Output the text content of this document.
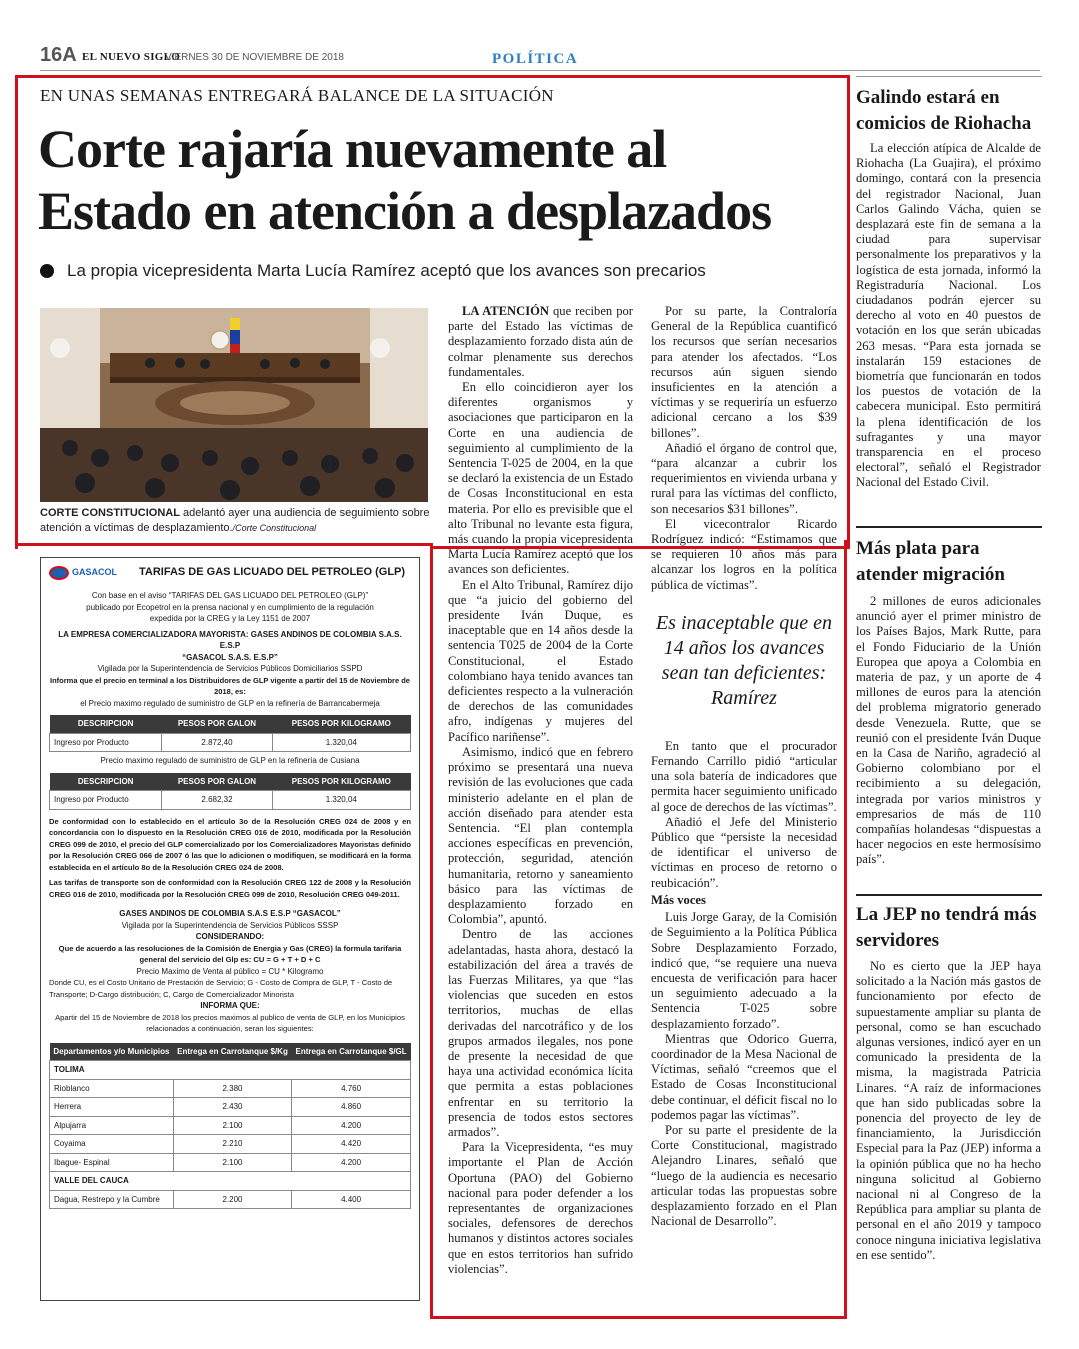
16A EL NUEVO SIGLO
VIERNES 30 DE NOVIEMBRE DE 2018	POLÍTICA
EN UNAS SEMANAS ENTREGARÁ BALANCE DE LA SITUACIÓN
Corte rajaría nuevamente al Estado en atención a desplazados
La propia vicepresidenta Marta Lucía Ramírez aceptó que los avances son precarios
CORTE CONSTITUCIONAL adelantó ayer una audiencia de seguimiento sobre atención a víctimas de desplazamiento./Corte Constitucional

LA ATENCIÓN que reciben por parte del Estado las víctimas de desplazamiento forzado dista aún de colmar plenamente sus derechos fundamentales.

En ello coincidieron ayer los diferentes organismos y asociaciones que participaron en la Corte en una audiencia de seguimiento al cumplimiento de la Sentencia T-025 de 2004, en la que se declaró la existencia de un Estado de Cosas Inconstitucional en esta materia. Por ello es previsible que el alto Tribunal no levante esta figura, más cuando la propia vicepresidenta Marta Lucía Ramírez aceptó que los avances son deficientes.

En el Alto Tribunal, Ramírez dijo que “a juicio del gobierno del presidente Iván Duque, es inaceptable que en 14 años desde la sentencia T025 de 2004 de la Corte Constitucional, el Estado colombiano haya tenido avances tan deficientes respecto a la vulneración de derechos de las comunidades afro, indígenas y mujeres del Pacífico nariñense”.

Asimismo, indicó que en febrero próximo se presentará una nueva revisión de las evoluciones que cada ministerio adelante en el plan de acción diseñado para atender esta Sentencia. “El plan contempla acciones específicas en prevención, protección, seguridad, atención humanitaria, retorno y saneamiento básico para las víctimas de desplazamiento forzado en Colombia”, apuntó.

Dentro de las acciones adelantadas, hasta ahora, destacó la estabilización del área a través de las Fuerzas Militares, ya que “las violencias que suceden en estos territorios, muchas de ellas derivadas del narcotráfico y de los grupos armados ilegales, nos pone de presente la necesidad de que haya una actividad económica lícita que permita a estas poblaciones enfrentar en su territorio la presencia de todos estos sectores armados”.

Para la Vicepresidenta, “es muy importante el Plan de Acción Oportuna (PAO) del Gobierno nacional para poder defender a los representantes de organizaciones sociales, defensores de derechos humanos y distintos actores sociales que en estos territorios han sufrido violencias”.

Por su parte, la Contraloría General de la República cuantificó los recursos que serían necesarios para atender los afectados. “Los recursos aún siguen siendo insuficientes en la atención a víctimas y se requeriría un esfuerzo adicional cercano a los $39 billones”.

Añadió el órgano de control que, “para alcanzar a cubrir los requerimientos en vivienda urbana y rural para las víctimas del conflicto, son necesarios $31 billones”.

El vicecontralor Ricardo Rodríguez indicó: “Estimamos que se requieren 10 años más para alcanzar los logros en la política pública de víctimas”.

Es inaceptable que en 14 años los avances sean tan deficientes: Ramírez

En tanto que el procurador Fernando Carrillo pidió “articular una sola batería de indicadores que permita hacer seguimiento unificado al goce de derechos de las víctimas”.

Añadió el Jefe del Ministerio Público que “persiste la necesidad de identificar el universo de víctimas en proceso de retorno o reubicación”.

Más voces

Luis Jorge Garay, de la Comisión de Seguimiento a la Política Pública Sobre Desplazamiento Forzado, indicó que, “se requiere una nueva encuesta de verificación para hacer un seguimiento adecuado a la Sentencia T-025 sobre desplazamiento forzado”.

Mientras que Odorico Guerra, coordinador de la Mesa Nacional de Víctimas, señaló “creemos que el Estado de Cosas Inconstitucional debe continuar, el déficit fiscal no lo podemos pagar las víctimas”.

Por su parte el presidente de la Corte Constitucional, magistrado Alejandro Linares, señaló que “luego de la audiencia es necesario articular todas las propuestas sobre desplazamiento forzado en el Plan Nacional de Desarrollo”.

Galindo estará en comicios de Riohacha

La elección atípica de Alcalde de Riohacha (La Guajira), el próximo domingo, contará con la presencia del registrador Nacional, Juan Carlos Galindo Vácha, quien se desplazará este fin de semana a la ciudad para supervisar personalmente los preparativos y la logística de esta jornada, informó la Registraduría Nacional. Los ciudadanos podrán ejercer su derecho al voto en 40 puestos de votación en los que serán ubicadas 263 mesas. “Para esta jornada se instalarán 159 estaciones de biometría que funcionarán en todos los puestos de votación de la cabecera municipal. Esto permitirá la plena identificación de los sufragantes y una mayor transparencia en el proceso electoral”, señaló el Registrador Nacional del Estado Civil.

Más plata para atender migración

2 millones de euros adicionales anunció ayer el primer ministro de los Países Bajos, Mark Rutte, para el Fondo Fiduciario de la Unión Europea que apoya a Colombia en materia de paz, y un aporte de 4 millones de euros para la atención del problema migratorio generado desde Venezuela. Rutte, que se reunió con el presidente Iván Duque en la Casa de Nariño, agradeció al Gobierno colombiano por el recibimiento a su delegación, integrada por varios ministros y empresarios de más de 110 compañías holandesas “dispuestas a hacer negocios en este hermosísimo país”.

La JEP no tendrá más servidores

No es cierto que la JEP haya solicitado a la Nación más gastos de funcionamiento por efecto de supuestamente ampliar su planta de personal, como se han escuchado algunas versiones, indicó ayer en un comunicado la presidenta de la misma, la magistrada Patricia Linares. “A raíz de informaciones que han sido publicadas sobre la ponencia del proyecto de ley de financiamiento, la Jurisdicción Especial para la Paz (JEP) informa a la opinión pública que no ha hecho ninguna solicitud al Gobierno nacional ni al Congreso de la República para ampliar su planta de personal en el año 2019 y tampoco conoce ninguna iniciativa legislativa en ese sentido”.

GASACOL TARIFAS DE GAS LICUADO DEL PETROLEO (GLP)
Con base en el aviso “TARIFAS DEL GAS LICUADO DEL PETROLEO (GLP)”
publicado por Ecopetrol en la prensa nacional y en cumplimiento de la regulación
expedida por la CREG y la Ley 1151 de 2007
LA EMPRESA COMERCIALIZADORA MAYORISTA: GASES ANDINOS DE COLOMBIA S.A.S. E.S.P
“GASACOL S.A.S. E.S.P”
Vigilada por la Superintendencia de Servicios Públicos Domiciliarios SSPD
Informa que el precio en terminal a los Distribuidores de GLP vigente a partir del 15 de Noviembre de 2018, es:
el Precio maximo regulado de suministro de GLP en la refinería de Barrancabermeja
DESCRIPCION	PESOS POR GALON	PESOS POR KILOGRAMO
Ingreso por Producto	2.872,40	1.320,04
Precio maximo regulado de suministro de GLP en la refinería de Cusiana
DESCRIPCION	PESOS POR GALON	PESOS POR KILOGRAMO
Ingreso por Producto	2.682,32	1.320,04
De conformidad con lo establecido en el artículo 3o de la Resolución CREG 024 de 2008 y en concordancia con lo dispuesto en la Resolución CREG 016 de 2010, modificada por la Resolución CREG 099 de 2010, el precio del GLP comercializado por los Comercializadores Mayoristas definido por la Resolución CREG 066 de 2007 ó las que lo adicionen o modifiquen, se modificará en la forma establecida en el artículo 8o de la Resolución CREG 024 de 2008.
Las tarifas de transporte son de conformidad con la Resolución CREG 122 de 2008 y la Resolución CREG 016 de 2010, modificada por la Resolución CREG 099 de 2010, Resolución CREG 049-2011.
GASES ANDINOS DE COLOMBIA S.A.S E.S.P “GASACOL”
Vigilada por la Superintendencia de Servicios Públicos SSSP
CONSIDERANDO:
Que de acuerdo a las resoluciones de la Comisión de Energia y Gas (CREG) la formula tarifaria general del servicio del Glp es: CU = G + T + D + C
Precio Maximo de Venta al público = CU * Kilogramo
Donde CU, es el Costo Unitario de Prestación de Servicio; G - Costo de Compra de GLP, T - Costo de Transporte; D-Cargo distribución; C, Cargo de Comercializador Minorista
INFORMA QUE:
Apartir del 15 de Noviembre de 2018 los precios maximos al publico de venta de GLP, en los Municipios relacionados a continuación, seran los siguientes:
Departamentos y/o Municipios	Entrega en Carrotanque $/Kg	Entrega en Carrotanque $/GL
TOLIMA		
Rioblanco	2.380	4.760
Herrera	2.430	4.860
Alpujarra	2.100	4.200
Coyaima	2.210	4.420
Ibague- Espinal	2.100	4.200
VALLE DEL CAUCA		
Dagua, Restrepo y la Cumbre	2.200	4.400
